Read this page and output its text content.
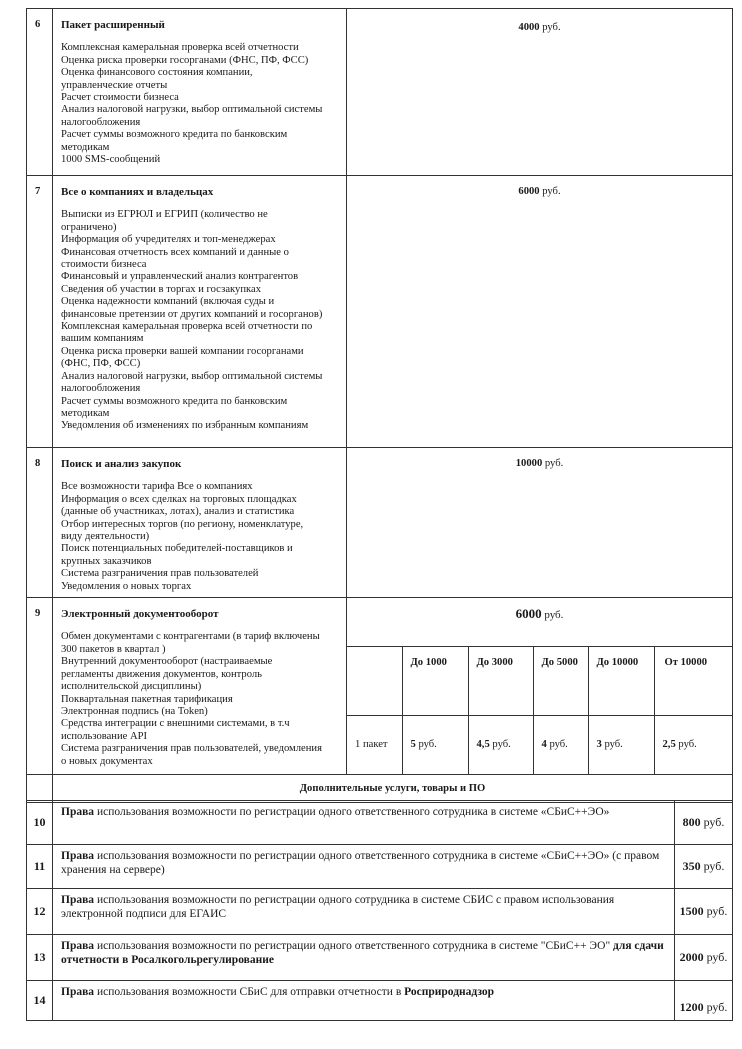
6	Пакет расширенный
Комплексная камеральная проверка всей отчетности
Оценка риска проверки госорганами (ФНС, ПФ, ФСС)
Оценка финансового состояния компании,
управленческие отчеты
Расчет стоимости бизнеса
Анализ налоговой нагрузки, выбор оптимальной системы
налогообложения
Расчет суммы возможного кредита по банковским
методикам
1000 SMS-сообщений
	4000 руб.
7	Все о компаниях и владельцах
Выписки из ЕГРЮЛ и ЕГРИП (количество не
ограничено)
Информация об учредителях и топ-менеджерах
Финансовая отчетность всех компаний и данные о
стоимости бизнеса
Финансовый и управленческий анализ контрагентов
Сведения об участии в торгах и госзакупках
Оценка надежности компаний (включая суды и
финансовые претензии от других компаний и госорганов)
Комплексная камеральная проверка всей отчетности по
вашим компаниям
Оценка риска проверки вашей компании госорганами
(ФНС, ПФ, ФСС)
Анализ налоговой нагрузки, выбор оптимальной системы
налогообложения
Расчет суммы возможного кредита по банковским
методикам
Уведомления об изменениях по избранным компаниям
	6000 руб.
8	Поиск и анализ закупок
Все возможности тарифа Все о компаниях
Информация о всех сделках на торговых площадках
(данные об участниках, лотах), анализ и статистика
Отбор интересных торгов (по региону, номенклатуре,
виду деятельности)
Поиск потенциальных победителей-поставщиков и
крупных заказчиков
Система разграничения прав пользователей
Уведомления о новых торгах
	10000 руб.
9	Электронный документооборот
Обмен документами с контрагентами (в тариф включены
300 пакетов в квартал )
Внутренний документооборот (настраиваемые
регламенты движения документов, контроль
исполнительской дисциплины)
Поквартальная пакетная тарификация
Электронная подпись (на Token)
Средства интеграции с внешними системами, в т.ч
использование API
Система разграничения прав пользователей, уведомления
о новых документах

6000 руб.
	До 1000	До 3000	До 5000	До 10000	От 10000
1 пакет	5 руб.	4,5 руб.	4 руб.	3 руб.	2,5 руб.

	Дополнительные услуги, товары и ПО
10	Права использования возможности по регистрации одного ответственного сотрудника в системе «СБиС++ЭО»	800 руб.
11	Права использования возможности по регистрации одного ответственного сотрудника в системе «СБиС++ЭО» (с правом хранения на сервере)	350 руб.
12	Права использования возможности по регистрации одного сотрудника в системе СБИС с правом использования электронной подписи для ЕГАИС	1500 руб.
13	Права использования возможности по регистрации одного ответственного сотрудника в системе "СБиС++ ЭО" для сдачи отчетности в Росалкогольрегулирование	2000 руб.
14	Права использования возможности СБиС для отправки отчетности в Росприроднадзор	1200 руб.
